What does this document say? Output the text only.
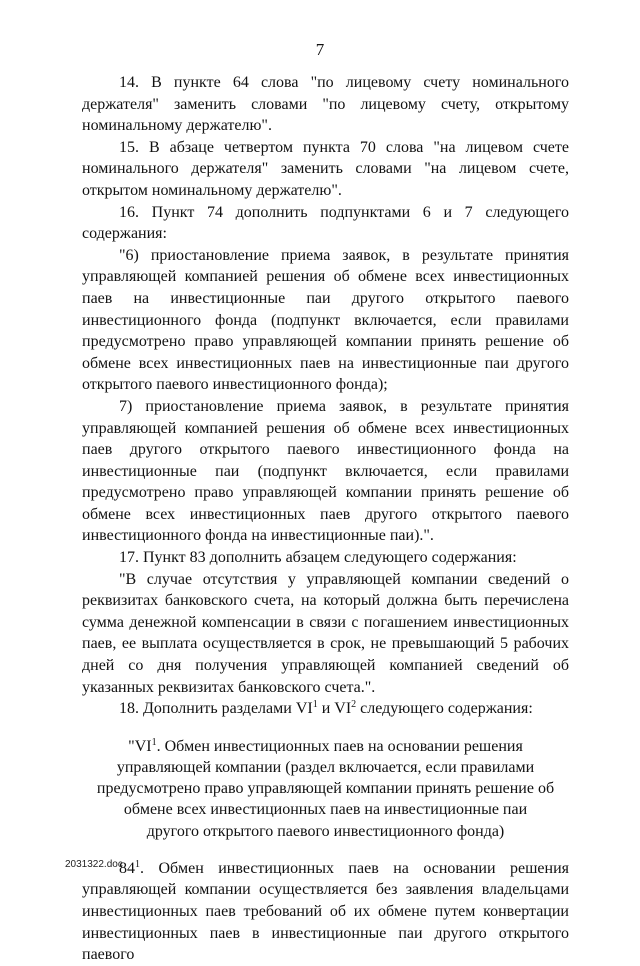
7

14. В пункте 64 слова "по лицевому счету номинального держателя" заменить словами "по лицевому счету, открытому номинальному держателю".

15. В абзаце четвертом пункта 70 слова "на лицевом счете номинального держателя" заменить словами "на лицевом счете, открытом номинальному держателю".

16. Пункт 74 дополнить подпунктами 6 и 7 следующего содержания:

"6) приостановление приема заявок, в результате принятия управляющей компанией решения об обмене всех инвестиционных паев на инвестиционные паи другого открытого паевого инвестиционного фонда (подпункт включается, если правилами предусмотрено право управляющей компании принять решение об обмене всех инвестиционных паев на инвестиционные паи другого открытого паевого инвестиционного фонда);

7) приостановление приема заявок, в результате принятия управляющей компанией решения об обмене всех инвестиционных паев другого открытого паевого инвестиционного фонда на инвестиционные паи (подпункт включается, если правилами предусмотрено право управляющей компании принять решение об обмене всех инвестиционных паев другого открытого паевого инвестиционного фонда на инвестиционные паи).".

17. Пункт 83 дополнить абзацем следующего содержания:

"В случае отсутствия у управляющей компании сведений о реквизитах банковского счета, на который должна быть перечислена сумма денежной компенсации в связи с погашением инвестиционных паев, ее выплата осуществляется в срок, не превышающий 5 рабочих дней со дня получения управляющей компанией сведений об указанных реквизитах банковского счета.".

18. Дополнить разделами $VI^1$ и $VI^2$ следующего содержания:

"$VI^1$. Обмен инвестиционных паев на основании решения управляющей компании (раздел включается, если правилами предусмотрено право управляющей компании принять решение об обмене всех инвестиционных паев на инвестиционные паи другого открытого паевого инвестиционного фонда)

$84^1$. Обмен инвестиционных паев на основании решения управляющей компании осуществляется без заявления владельцами инвестиционных паев требований об их обмене путем конвертации инвестиционных паев в инвестиционные паи другого открытого паевого

2031322.doc
